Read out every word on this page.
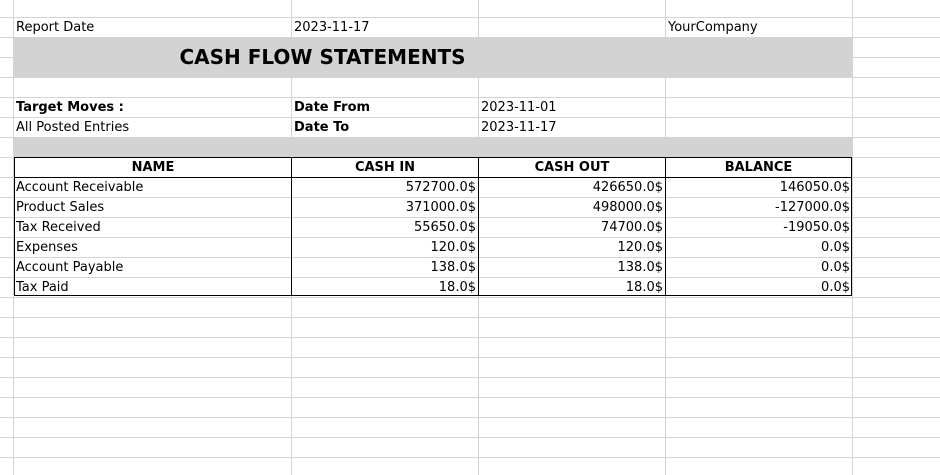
Report Date	2023-11-17	YourCompany
CASH FLOW STATEMENTS
Target Moves :
All Posted Entries
Date From	2023-11-01
Date To	2023-11-17
NAME	CASH IN	CASH OUT	BALANCE
Account Receivable	572700.0$	426650.0$	146050.0$
Product Sales	371000.0$	498000.0$	-127000.0$
Tax Received	55650.0$	74700.0$	-19050.0$
Expenses	120.0$	120.0$	0.0$
Account Payable	138.0$	138.0$	0.0$
Tax Paid	18.0$	18.0$	0.0$
